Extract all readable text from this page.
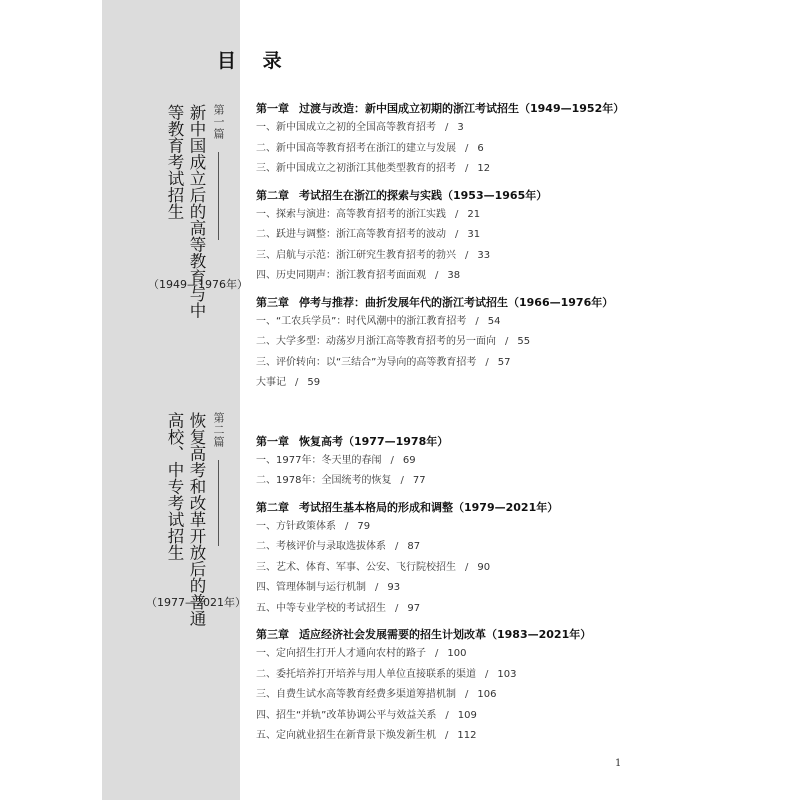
目 录
第一篇
新中国成立后的高等教育与中
等教育考试招生
（1949—1976年）
第二篇
恢复高考和改革开放后的普通
高校、中专考试招生
（1977—2021年）
第一章 过渡与改造：新中国成立初期的浙江考试招生（1949—1952年）
一、新中国成立之初的全国高等教育招考 / 3
二、新中国高等教育招考在浙江的建立与发展 / 6
三、新中国成立之初浙江其他类型教育的招考 / 12
第二章 考试招生在浙江的探索与实践（1953—1965年）
一、探索与演进：高等教育招考的浙江实践 / 21
二、跃进与调整：浙江高等教育招考的波动 / 31
三、启航与示范：浙江研究生教育招考的勃兴 / 33
四、历史同期声：浙江教育招考面面观 / 38
第三章 停考与推荐：曲折发展年代的浙江考试招生（1966—1976年）
一、“工农兵学员”：时代风潮中的浙江教育招考 / 54
二、大学多型：动荡岁月浙江高等教育招考的另一面向 / 55
三、评价转向：以“三结合”为导向的高等教育招考 / 57
大事记 / 59
第一章 恢复高考（1977—1978年）
一、1977年：冬天里的春闱 / 69
二、1978年：全国统考的恢复 / 77
第二章 考试招生基本格局的形成和调整（1979—2021年）
一、方针政策体系 / 79
二、考核评价与录取选拔体系 / 87
三、艺术、体育、军事、公安、飞行院校招生 / 90
四、管理体制与运行机制 / 93
五、中等专业学校的考试招生 / 97
第三章 适应经济社会发展需要的招生计划改革（1983—2021年）
一、定向招生打开人才通向农村的路子 / 100
二、委托培养打开培养与用人单位直接联系的渠道 / 103
三、自费生试水高等教育经费多渠道筹措机制 / 106
四、招生“并轨”改革协调公平与效益关系 / 109
五、定向就业招生在新背景下焕发新生机 / 112
1
